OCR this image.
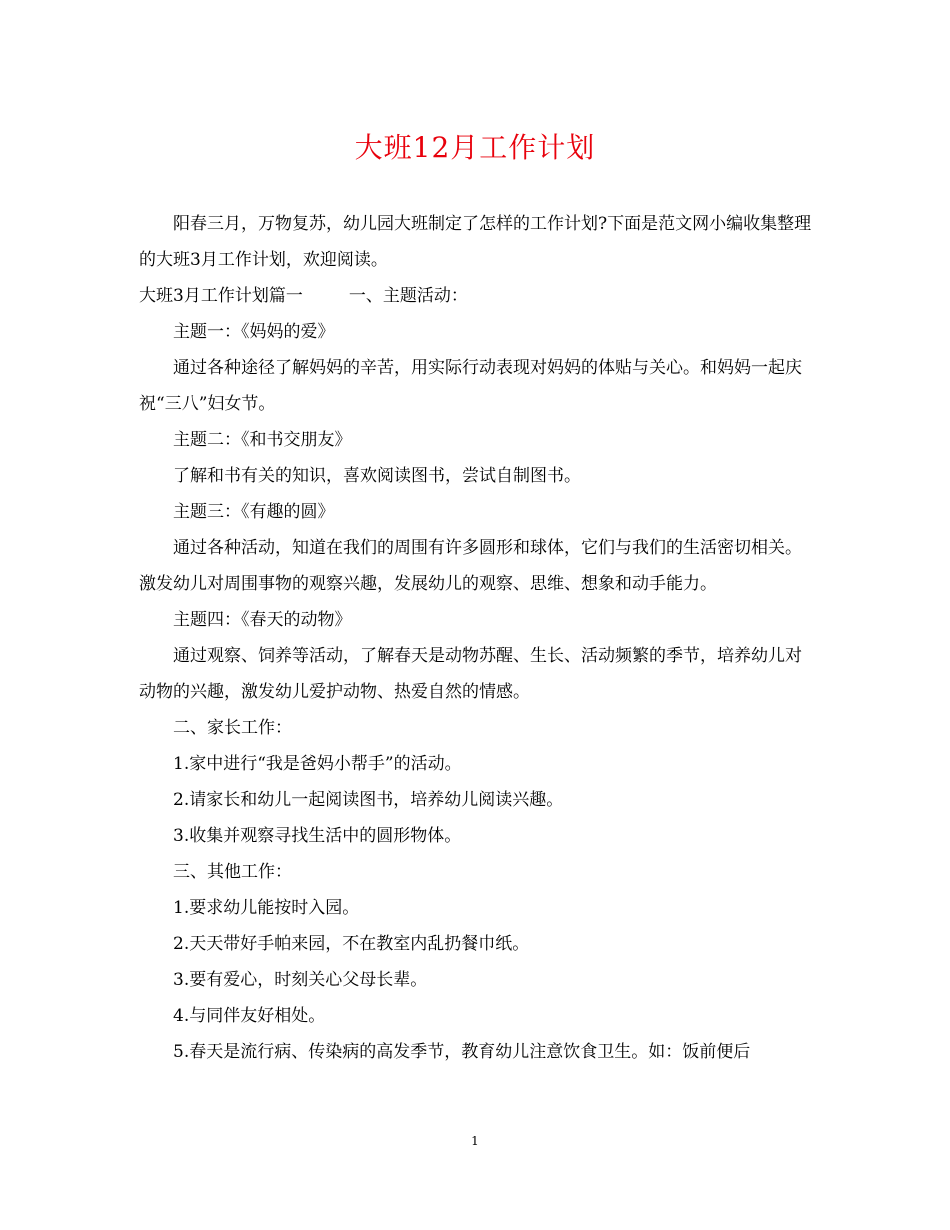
大班12月工作计划

阳春三月，万物复苏，幼儿园大班制定了怎样的工作计划?下面是范文网小编收集整理的大班3月工作计划，欢迎阅读。

大班3月工作计划篇一	一、主题活动：

主题一：《妈妈的爱》

通过各种途径了解妈妈的辛苦，用实际行动表现对妈妈的体贴与关心。和妈妈一起庆祝“三八”妇女节。

主题二：《和书交朋友》

了解和书有关的知识，喜欢阅读图书，尝试自制图书。

主题三：《有趣的圆》

通过各种活动，知道在我们的周围有许多圆形和球体，它们与我们的生活密切相关。激发幼儿对周围事物的观察兴趣，发展幼儿的观察、思维、想象和动手能力。

主题四：《春天的动物》

通过观察、饲养等活动，了解春天是动物苏醒、生长、活动频繁的季节，培养幼儿对动物的兴趣，激发幼儿爱护动物、热爱自然的情感。

二、家长工作：

1.家中进行“我是爸妈小帮手”的活动。

2.请家长和幼儿一起阅读图书，培养幼儿阅读兴趣。

3.收集并观察寻找生活中的圆形物体。

三、其他工作：

1.要求幼儿能按时入园。

2.天天带好手帕来园，不在教室内乱扔餐巾纸。

3.要有爱心，时刻关心父母长辈。

4.与同伴友好相处。

5.春天是流行病、传染病的高发季节，教育幼儿注意饮食卫生。如：饭前便后

1
